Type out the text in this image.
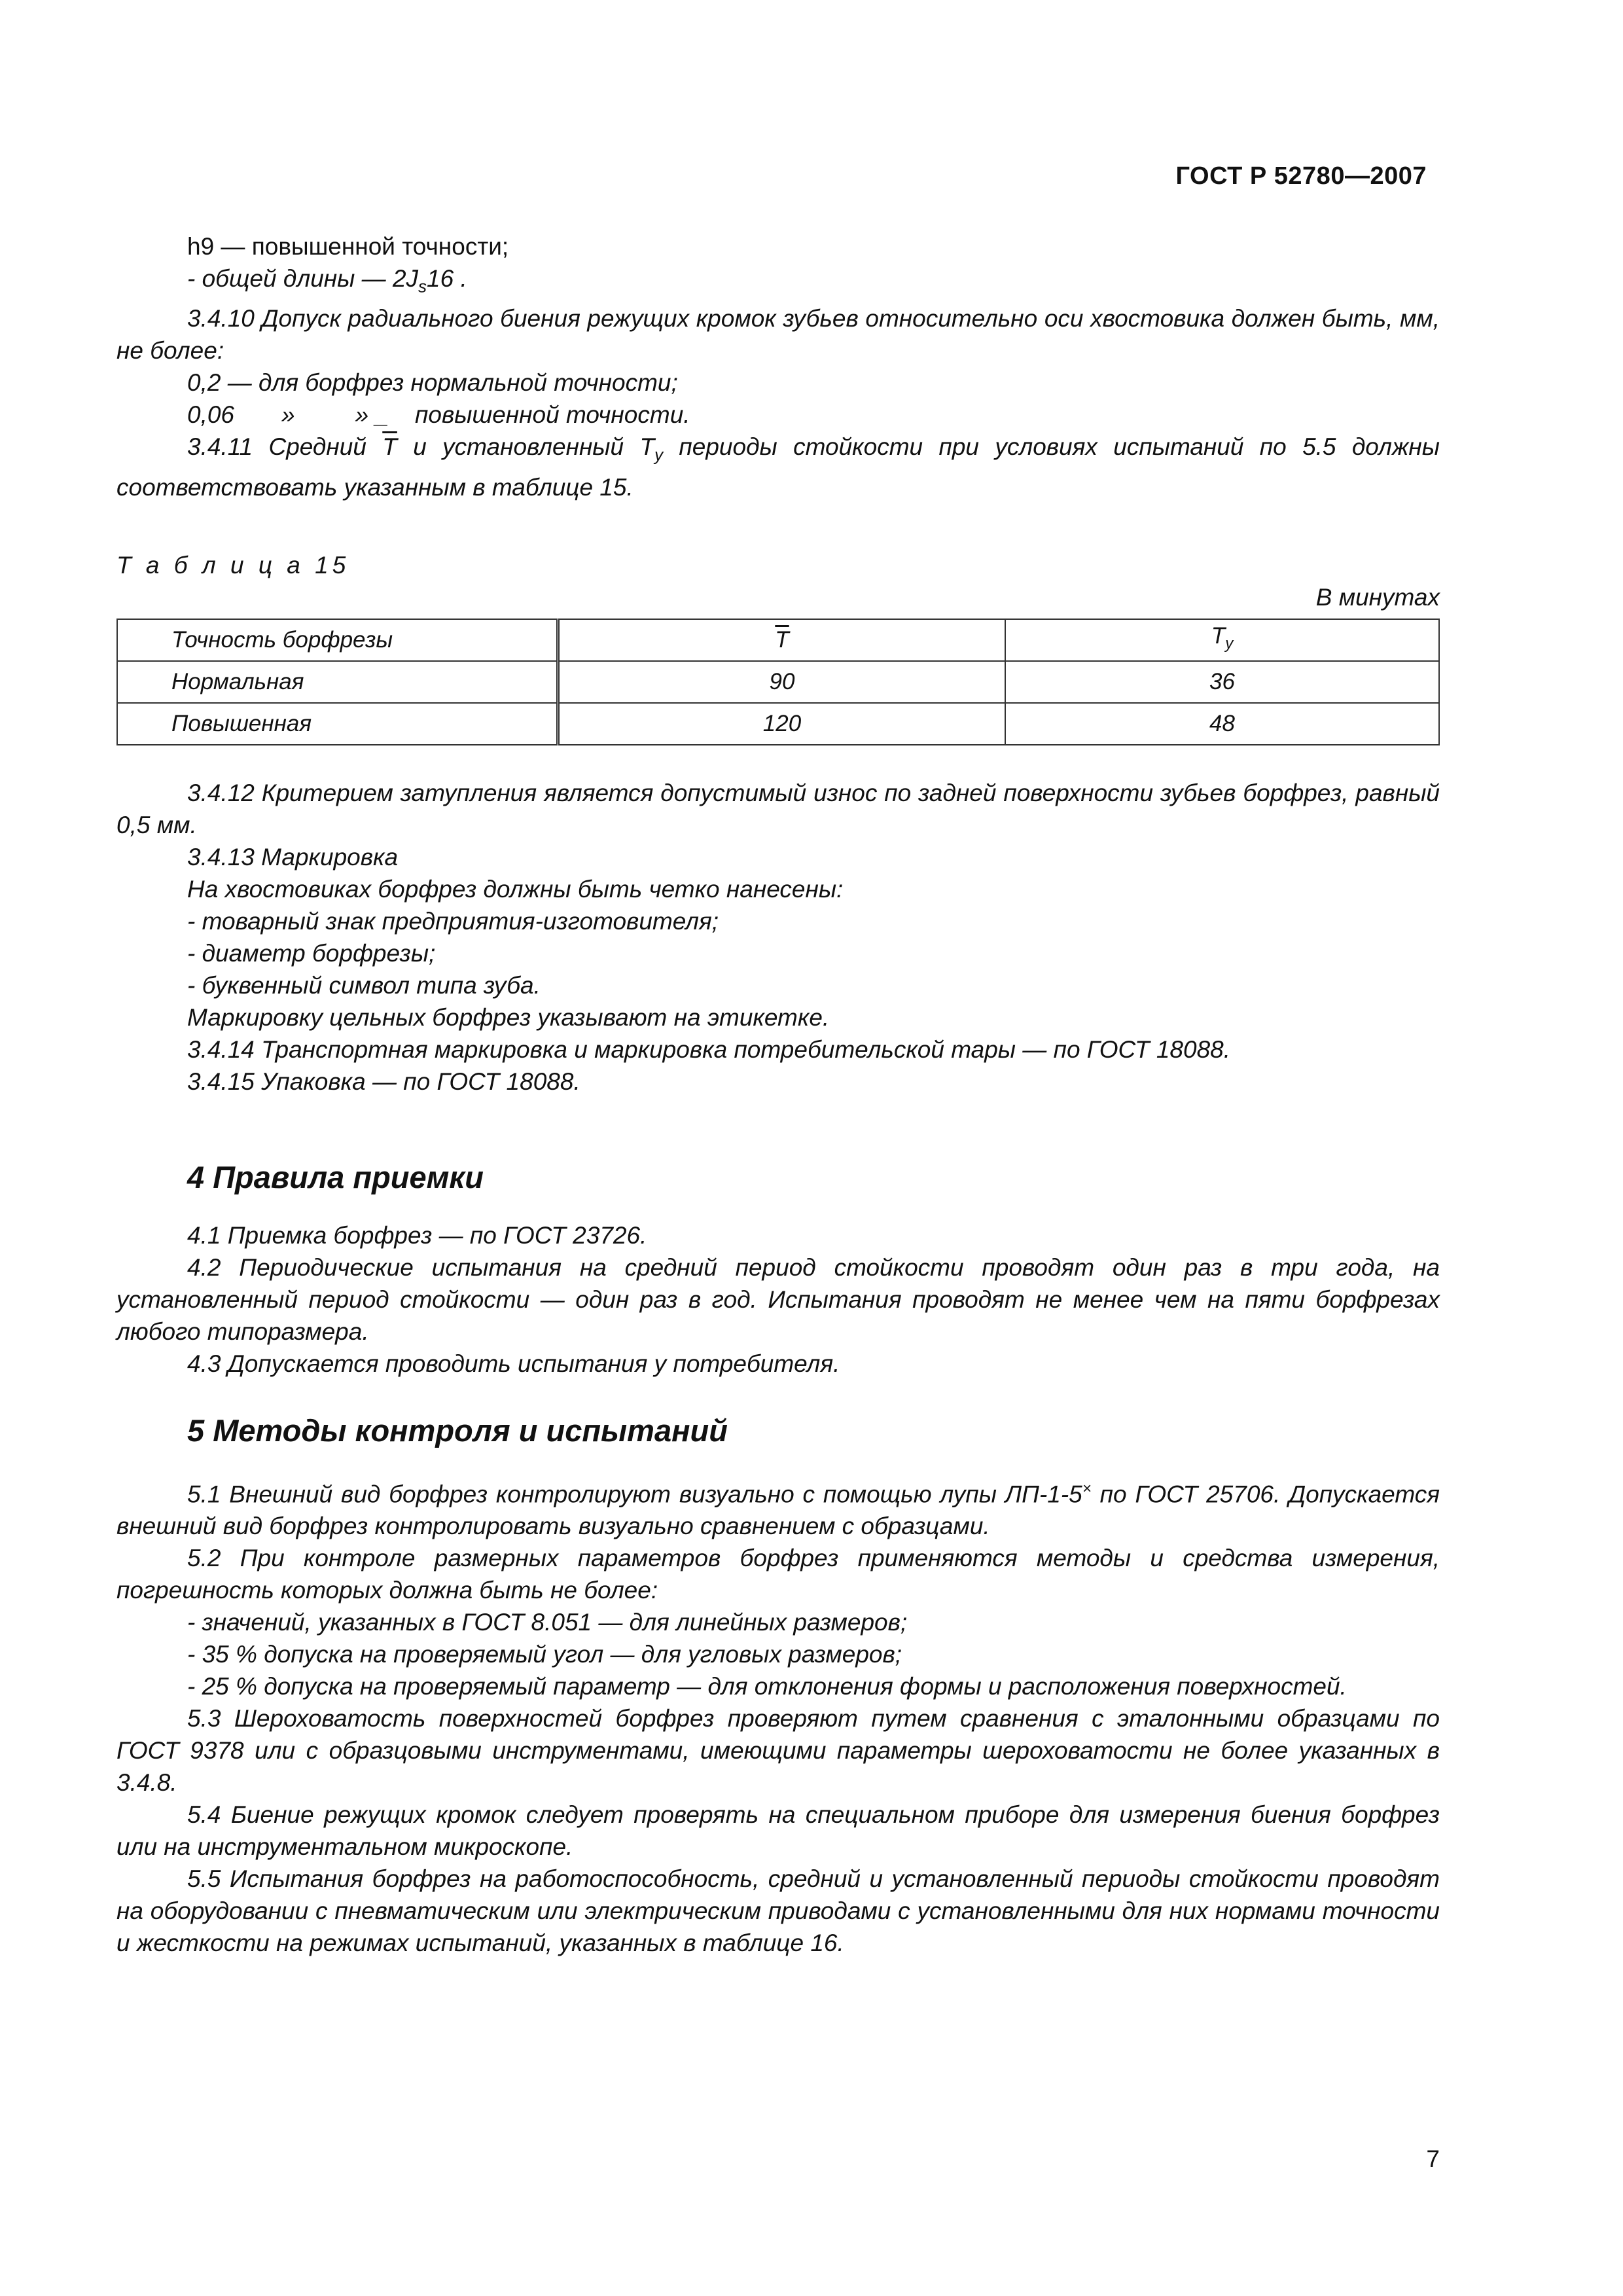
ГОСТ Р 52780—2007

h9 — повышенной точности;

- общей длины — $2J_s16$ .

3.4.10 Допуск радиального биения режущих кромок зубьев относительно оси хвостовика должен быть, мм, не более:

0,2 — для борфрез нормальной точности;

0,06 » » _ повышенной точности.

3.4.11 Средний $\overline{T}$ и установленный $T_у$ периоды стойкости при условиях испытаний по 5.5 должны соответствовать указанным в таблице 15.

Т а б л и ц а 15

В минутах

Точность борфрезы	$\overline{T}$	$T_у$
Нормальная	90	36
Повышенная	120	48

3.4.12 Критерием затупления является допустимый износ по задней поверхности зубьев борфрез, равный 0,5 мм.

3.4.13 Маркировка

На хвостовиках борфрез должны быть четко нанесены:

- товарный знак предприятия-изготовителя;

- диаметр борфрезы;

- буквенный символ типа зуба.

Маркировку цельных борфрез указывают на этикетке.

3.4.14 Транспортная маркировка и маркировка потребительской тары — по ГОСТ 18088.

3.4.15 Упаковка — по ГОСТ 18088.

4 Правила приемки

4.1 Приемка борфрез — по ГОСТ 23726.

4.2 Периодические испытания на средний период стойкости проводят один раз в три года, на установленный период стойкости — один раз в год. Испытания проводят не менее чем на пяти борфрезах любого типоразмера.

4.3 Допускается проводить испытания у потребителя.

5 Методы контроля и испытаний

5.1 Внешний вид борфрез контролируют визуально с помощью лупы ЛП-1-5× по ГОСТ 25706. Допускается внешний вид борфрез контролировать визуально сравнением с образцами.

5.2 При контроле размерных параметров борфрез применяются методы и средства измерения, погрешность которых должна быть не более:

- значений, указанных в ГОСТ 8.051 — для линейных размеров;

- 35 % допуска на проверяемый угол — для угловых размеров;

- 25 % допуска на проверяемый параметр — для отклонения формы и расположения поверхностей.

5.3 Шероховатость поверхностей борфрез проверяют путем сравнения с эталонными образцами по ГОСТ 9378 или с образцовыми инструментами, имеющими параметры шероховатости не более указанных в 3.4.8.

5.4 Биение режущих кромок следует проверять на специальном приборе для измерения биения борфрез или на инструментальном микроскопе.

5.5 Испытания борфрез на работоспособность, средний и установленный периоды стойкости проводят на оборудовании с пневматическим или электрическим приводами с установленными для них нормами точности и жесткости на режимах испытаний, указанных в таблице 16.

7
